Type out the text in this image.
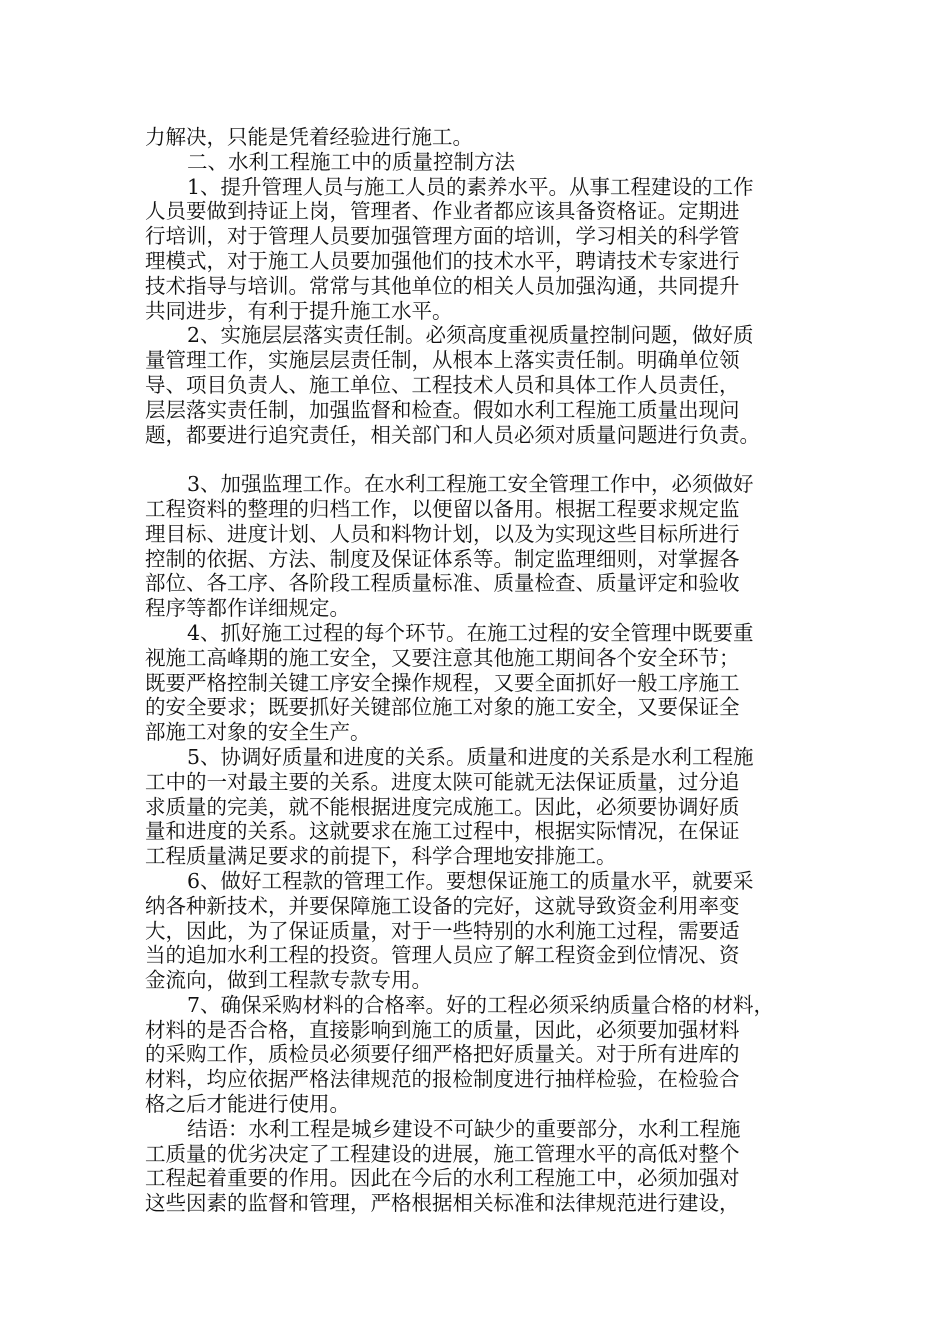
力解决，只能是凭着经验进行施工。
二、水利工程施工中的质量控制方法
1、提升管理人员与施工人员的素养水平。从事工程建设的工作
人员要做到持证上岗，管理者、作业者都应该具备资格证。定期进
行培训，对于管理人员要加强管理方面的培训，学习相关的科学管
理模式，对于施工人员要加强他们的技术水平，聘请技术专家进行
技术指导与培训。常常与其他单位的相关人员加强沟通，共同提升
共同进步，有利于提升施工水平。
2、实施层层落实责任制。必须高度重视质量控制问题，做好质
量管理工作，实施层层责任制，从根本上落实责任制。明确单位领
导、项目负责人、施工单位、工程技术人员和具体工作人员责任，
层层落实责任制，加强监督和检查。假如水利工程施工质量出现问
题，都要进行追究责任，相关部门和人员必须对质量问题进行负责。
3、加强监理工作。在水利工程施工安全管理工作中，必须做好
工程资料的整理的归档工作，以便留以备用。根据工程要求规定监
理目标、进度计划、人员和料物计划，以及为实现这些目标所进行
控制的依据、方法、制度及保证体系等。制定监理细则，对掌握各
部位、各工序、各阶段工程质量标准、质量检查、质量评定和验收
程序等都作详细规定。
4、抓好施工过程的每个环节。在施工过程的安全管理中既要重
视施工高峰期的施工安全，又要注意其他施工期间各个安全环节；
既要严格控制关键工序安全操作规程，又要全面抓好一般工序施工
的安全要求；既要抓好关键部位施工对象的施工安全，又要保证全
部施工对象的安全生产。
5、协调好质量和进度的关系。质量和进度的关系是水利工程施
工中的一对最主要的关系。进度太陕可能就无法保证质量，过分追
求质量的完美，就不能根据进度完成施工。因此，必须要协调好质
量和进度的关系。这就要求在施工过程中，根据实际情况，在保证
工程质量满足要求的前提下，科学合理地安排施工。
6、做好工程款的管理工作。要想保证施工的质量水平，就要采
纳各种新技术，并要保障施工设备的完好，这就导致资金利用率变
大，因此，为了保证质量，对于一些特别的水利施工过程，需要适
当的追加水利工程的投资。管理人员应了解工程资金到位情况、资
金流向，做到工程款专款专用。
7、确保采购材料的合格率。好的工程必须采纳质量合格的材料，
材料的是否合格，直接影响到施工的质量，因此，必须要加强材料
的采购工作，质检员必须要仔细严格把好质量关。对于所有进库的
材料，均应依据严格法律规范的报检制度进行抽样检验，在检验合
格之后才能进行使用。
结语：水利工程是城乡建设不可缺少的重要部分，水利工程施
工质量的优劣决定了工程建设的进展，施工管理水平的高低对整个
工程起着重要的作用。因此在今后的水利工程施工中，必须加强对
这些因素的监督和管理，严格根据相关标准和法律规范进行建设，
